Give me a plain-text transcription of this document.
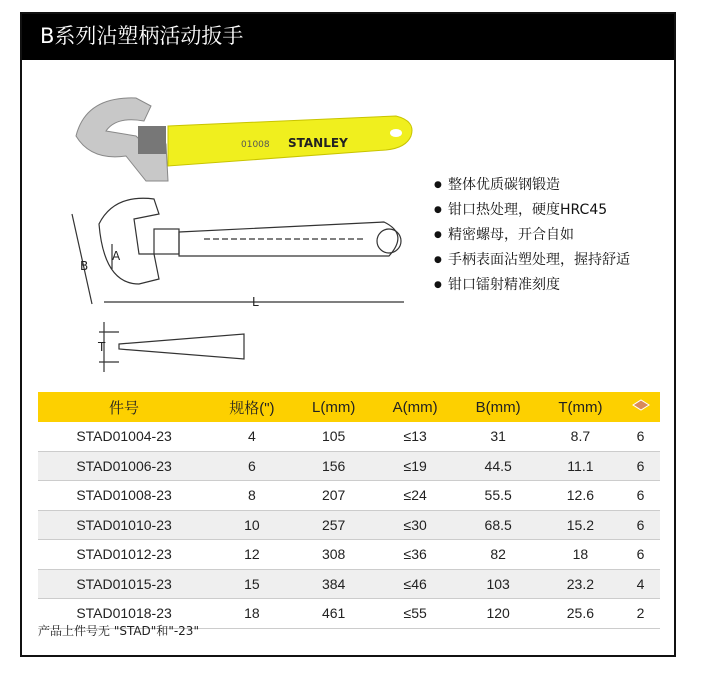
B系列沾塑柄活动扳手
01008 STANLEY
B
A
L
T
● 整体优质碳钢锻造
● 钳口热处理，硬度HRC45
● 精密螺母，开合自如
● 手柄表面沾塑处理，握持舒适
● 钳口镭射精准刻度
件号	规格(")	L(mm)	A(mm)	B(mm)	T(mm)	
STAD01004-23	4	105	≤13	31	8.7	6
STAD01006-23	6	156	≤19	44.5	11.1	6
STAD01008-23	8	207	≤24	55.5	12.6	6
STAD01010-23	10	257	≤30	68.5	15.2	6
STAD01012-23	12	308	≤36	82	18	6
STAD01015-23	15	384	≤46	103	23.2	4
STAD01018-23	18	461	≤55	120	25.6	2
产品上件号无 "STAD"和"-23"
